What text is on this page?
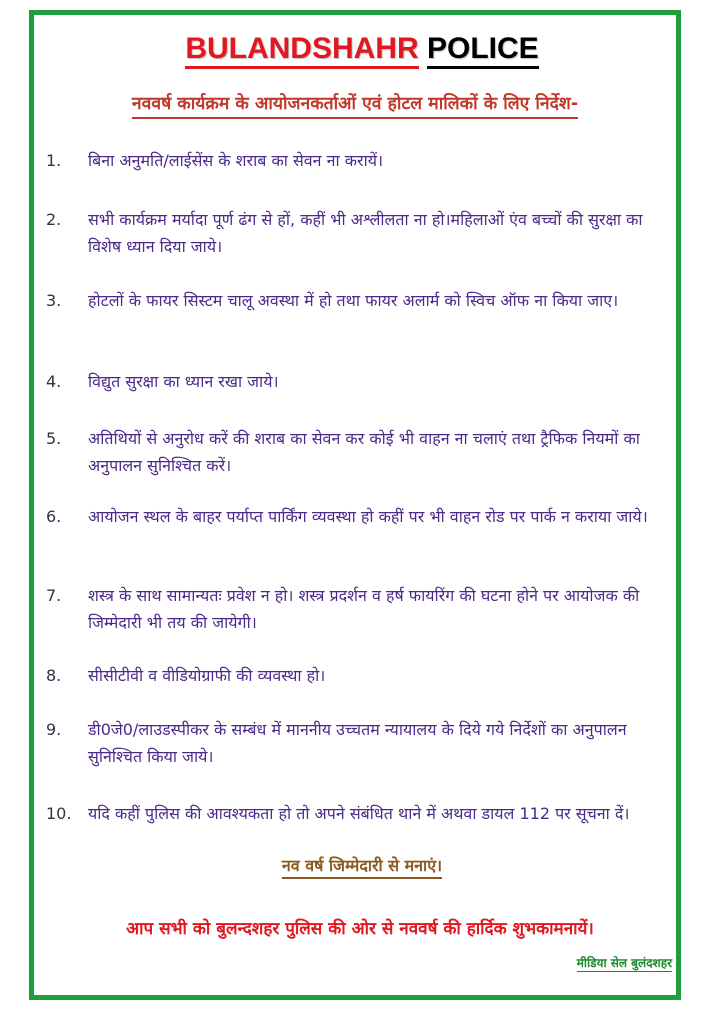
BULANDSHAHR POLICE
नववर्ष कार्यक्रम के आयोजनकर्ताओं एवं होटल मालिकों के लिए निर्देश-
1. बिना अनुमति/लाईसेंस के शराब का सेवन ना करायें।
2. सभी कार्यक्रम मर्यादा पूर्ण ढंग से हों, कहीं भी अश्लीलता ना हो।महिलाओं एंव बच्चों की सुरक्षा का विशेष ध्यान दिया जाये।
3. होटलों के फायर सिस्टम चालू अवस्था में हो तथा फायर अलार्म को स्विच ऑफ ना किया जाए।
4. विद्युत सुरक्षा का ध्यान रखा जाये।
5. अतिथियों से अनुरोध करें की शराब का सेवन कर कोई भी वाहन ना चलाएं तथा ट्रैफिक नियमों का अनुपालन सुनिश्चित करें।
6. आयोजन स्थल के बाहर पर्याप्त पार्किंग व्यवस्था हो कहीं पर भी वाहन रोड पर पार्क न कराया जाये।
7. शस्त्र के साथ सामान्यतः प्रवेश न हो। शस्त्र प्रदर्शन व हर्ष फायरिंग की घटना होने पर आयोजक की जिम्मेदारी भी तय की जायेगी।
8. सीसीटीवी व वीडियोग्राफी की व्यवस्था हो।
9. डी0जे0/लाउडस्पीकर के सम्बंध में माननीय उच्चतम न्यायालय के दिये गये निर्देशों का अनुपालन सुनिश्चित किया जाये।
10. यदि कहीं पुलिस की आवश्यकता हो तो अपने संबंधित थाने में अथवा डायल 112 पर सूचना दें।
नव वर्ष जिम्मेदारी से मनाएं।
आप सभी को बुलन्दशहर पुलिस की ओर से नववर्ष की हार्दिक शुभकामनायें।
मीडिया सेल बुलंदशहर
